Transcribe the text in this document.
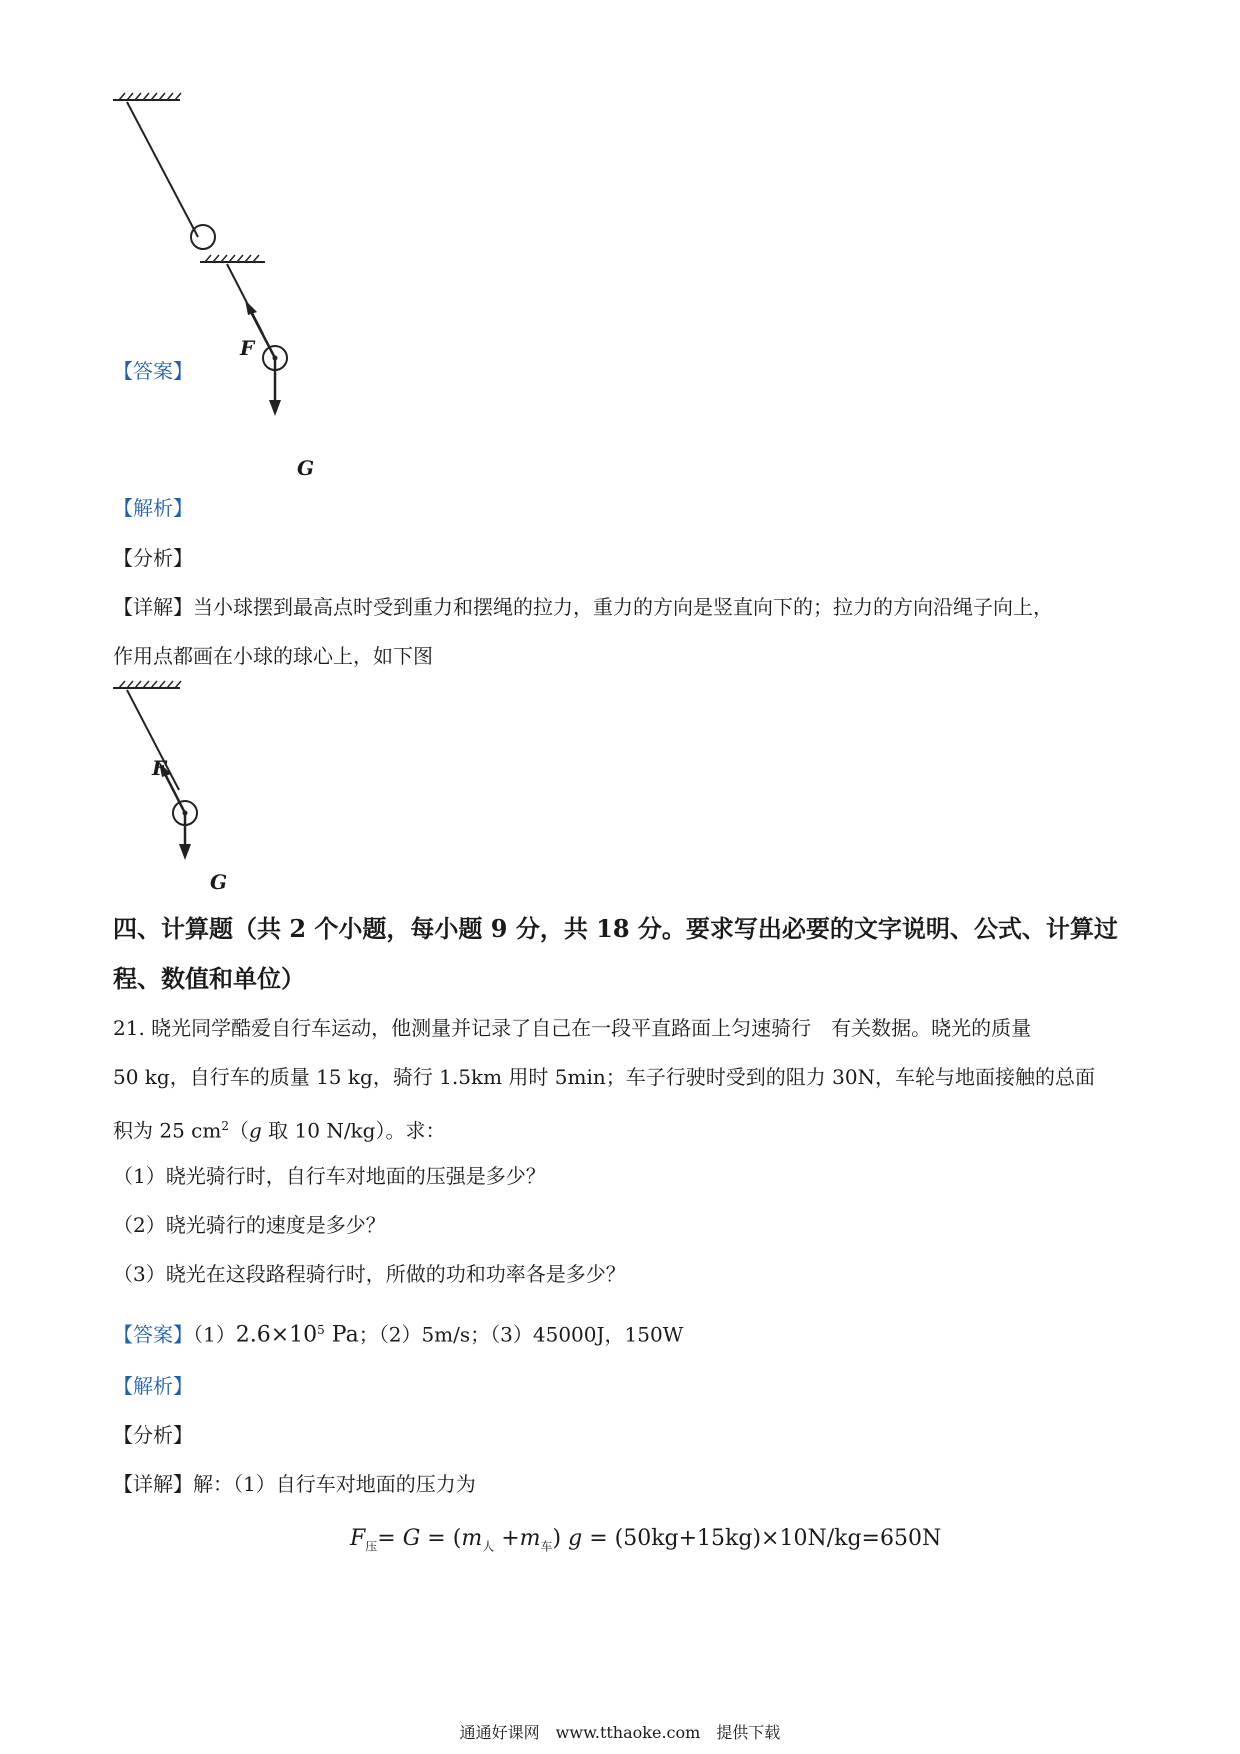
F
G
【答案】
【解析】
【分析】
【详解】当小球摆到最高点时受到重力和摆绳的拉力，重力的方向是竖直向下的；拉力的方向沿绳子向上，
作用点都画在小球的球心上，如下图
F
G
四、计算题（共 2 个小题，每小题 9 分，共 18 分。要求写出必要的文字说明、公式、计算过
程、数值和单位）
21. 晓光同学酷爱自行车运动，他测量并记录了自己在一段平直路面上匀速骑行　有关数据。晓光的质量
50 kg，自行车的质量 15 kg，骑行 1.5km 用时 5min；车子行驶时受到的阻力 30N，车轮与地面接触的总面
积为 25 $cm^2(g$ 取 10 N/kg）。求：
（1）晓光骑行时，自行车对地面的压强是多少？
（2）晓光骑行的速度是多少？
（3）晓光在这段路程骑行时，所做的功和功率各是多少？
【答案】$(1)2.6\times 10^5$ Pa；（2）5m/s；（3）45000J，150W
【解析】
【分析】
【详解】解：（1）自行车对地面的压力为
$F_压= G = (m_人 +m_车) g = (50kg+15kg)\times 10N/kg=650N$
通通好课网　www.tthaoke.com　提供下载
